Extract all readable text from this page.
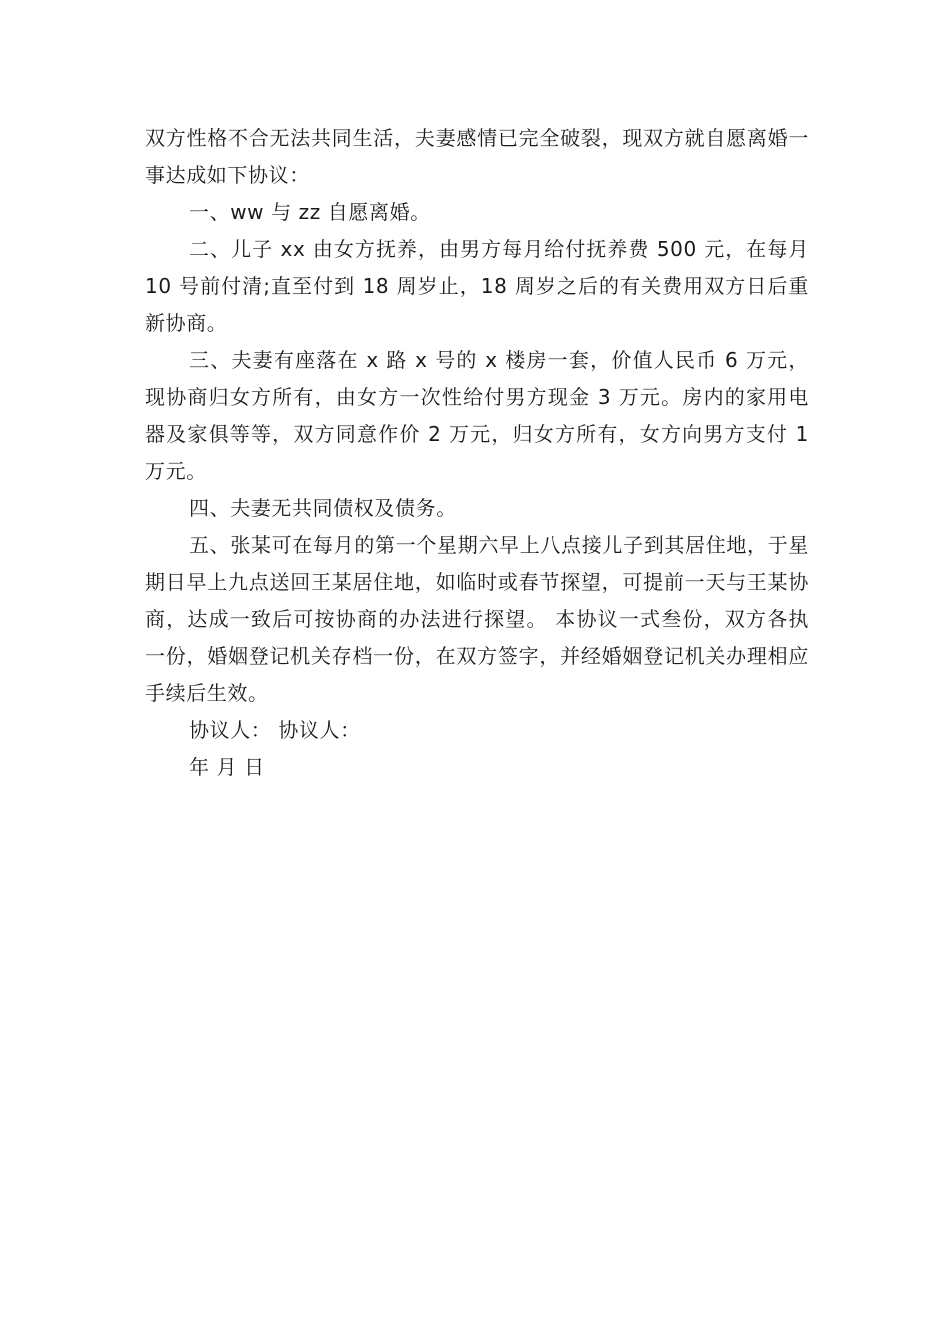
双方性格不合无法共同生活，夫妻感情已完全破裂，现双方就自愿离婚一事达成如下协议：

一、ww 与 zz 自愿离婚。

二、儿子 xx 由女方抚养，由男方每月给付抚养费 500 元，在每月 10 号前付清;直至付到 18 周岁止，18 周岁之后的有关费用双方日后重新协商。

三、夫妻有座落在 x 路 x 号的 x 楼房一套，价值人民币 6 万元，现协商归女方所有，由女方一次性给付男方现金 3 万元。房内的家用电器及家俱等等，双方同意作价 2 万元，归女方所有，女方向男方支付 1 万元。

四、夫妻无共同债权及债务。

五、张某可在每月的第一个星期六早上八点接儿子到其居住地，于星期日早上九点送回王某居住地，如临时或春节探望，可提前一天与王某协商，达成一致后可按协商的办法进行探望。 本协议一式叁份，双方各执一份，婚姻登记机关存档一份，在双方签字，并经婚姻登记机关办理相应手续后生效。

协议人： 协议人：

年 月 日
